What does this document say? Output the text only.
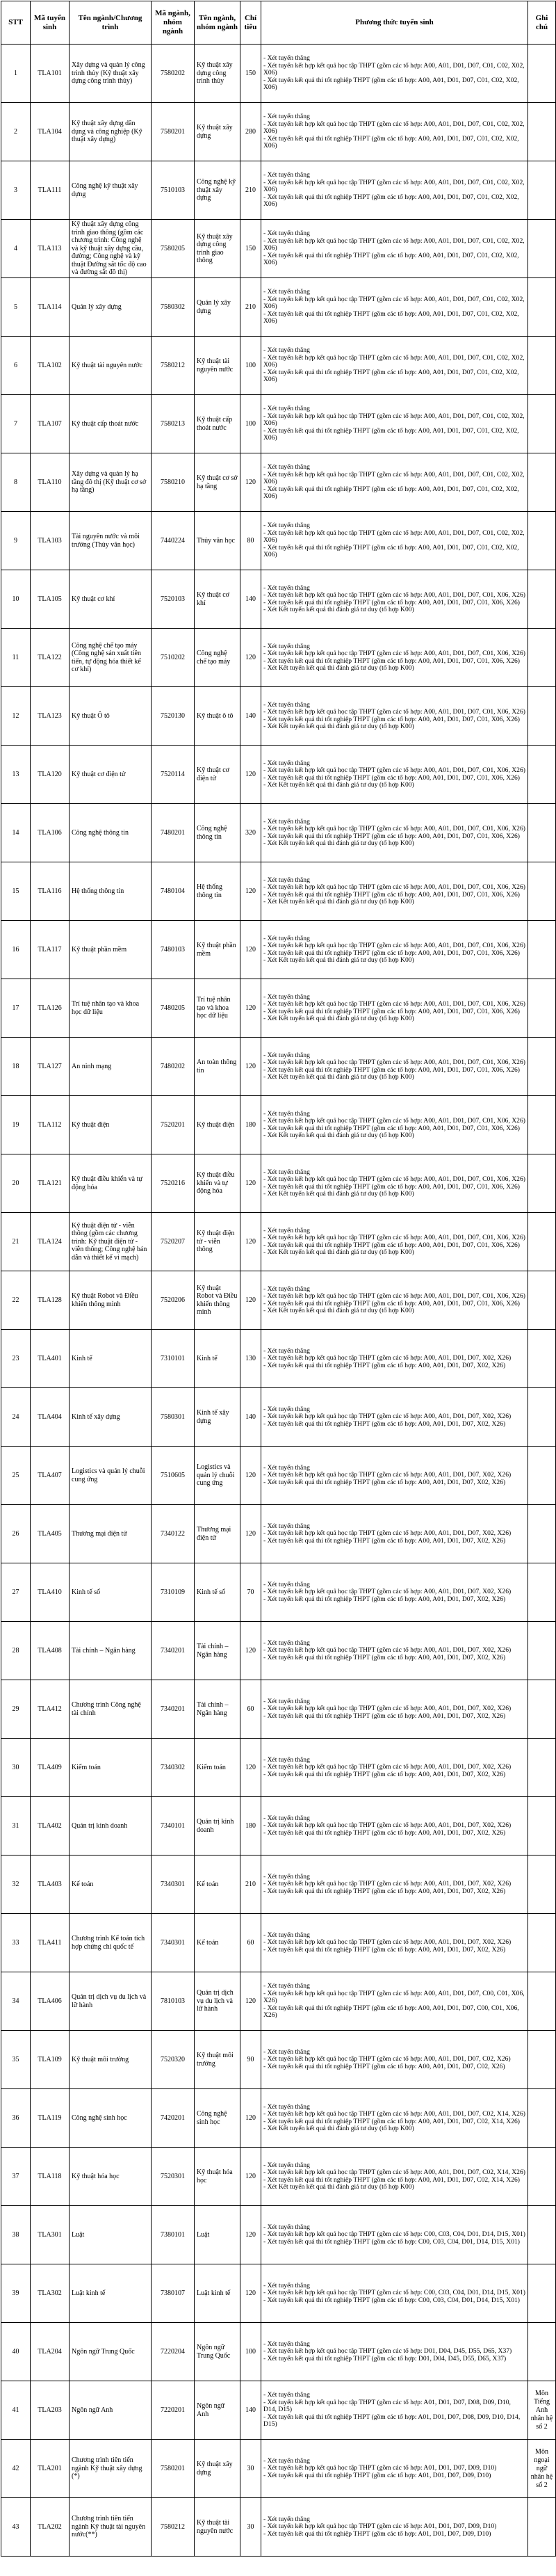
STT	Mã tuyển sinh	Tên ngành/Chương trình	Mã ngành, nhóm ngành	Tên ngành, nhóm ngành	Chỉ tiêu	Phương thức tuyển sinh	Ghi chú
1	TLA101	Xây dựng và quản lý công trình thủy (Kỹ thuật xây dựng công trình thủy)	7580202	Kỹ thuật xây dựng công trình thủy	150	- Xét tuyển thẳng
- Xét tuyển kết hợp kết quả học tập THPT (gồm các tổ hợp: A00, A01, D01, D07, C01, C02, X02, X06)
- Xét tuyển kết quả thi tốt nghiệp THPT (gồm các tổ hợp: A00, A01, D01, D07, C01, C02, X02, X06)	

2	TLA104	Kỹ thuật xây dựng dân dụng và công nghiệp (Kỹ thuật xây dựng)	7580201	Kỹ thuật xây dựng	280	- Xét tuyển thẳng
- Xét tuyển kết hợp kết quả học tập THPT (gồm các tổ hợp: A00, A01, D01, D07, C01, C02, X02, X06)
- Xét tuyển kết quả thi tốt nghiệp THPT (gồm các tổ hợp: A00, A01, D01, D07, C01, C02, X02, X06)	

3	TLA111	Công nghệ kỹ thuật xây dựng	7510103	Công nghệ kỹ thuật xây dựng	210	- Xét tuyển thẳng
- Xét tuyển kết hợp kết quả học tập THPT (gồm các tổ hợp: A00, A01, D01, D07, C01, C02, X02, X06)
- Xét tuyển kết quả thi tốt nghiệp THPT (gồm các tổ hợp: A00, A01, D01, D07, C01, C02, X02, X06)	

4	TLA113	Kỹ thuật xây dựng công trình giao thông (gồm các chương trình: Công nghệ và kỹ thuật xây dựng cầu, đường; Công nghệ và kỹ thuật Đường sắt tốc độ cao và đường sắt đô thị)	7580205	Kỹ thuật xây dựng công trình giao thông	150	- Xét tuyển thẳng
- Xét tuyển kết hợp kết quả học tập THPT (gồm các tổ hợp: A00, A01, D01, D07, C01, C02, X02, X06)
- Xét tuyển kết quả thi tốt nghiệp THPT (gồm các tổ hợp: A00, A01, D01, D07, C01, C02, X02, X06)	

5	TLA114	Quản lý xây dựng	7580302	Quản lý xây dựng	210	- Xét tuyển thẳng
- Xét tuyển kết hợp kết quả học tập THPT (gồm các tổ hợp: A00, A01, D01, D07, C01, C02, X02, X06)
- Xét tuyển kết quả thi tốt nghiệp THPT (gồm các tổ hợp: A00, A01, D01, D07, C01, C02, X02, X06)	

6	TLA102	Kỹ thuật tài nguyên nước	7580212	Kỹ thuật tài nguyên nước	100	- Xét tuyển thẳng
- Xét tuyển kết hợp kết quả học tập THPT (gồm các tổ hợp: A00, A01, D01, D07, C01, C02, X02, X06)
- Xét tuyển kết quả thi tốt nghiệp THPT (gồm các tổ hợp: A00, A01, D01, D07, C01, C02, X02, X06)	

7	TLA107	Kỹ thuật cấp thoát nước	7580213	Kỹ thuật cấp thoát nước	100	- Xét tuyển thẳng
- Xét tuyển kết hợp kết quả học tập THPT (gồm các tổ hợp: A00, A01, D01, D07, C01, C02, X02, X06)
- Xét tuyển kết quả thi tốt nghiệp THPT (gồm các tổ hợp: A00, A01, D01, D07, C01, C02, X02, X06)	

8	TLA110	Xây dựng và quản lý hạ tầng đô thị (Kỹ thuật cơ sở hạ tầng)	7580210	Kỹ thuật cơ sở hạ tầng	120	- Xét tuyển thẳng
- Xét tuyển kết hợp kết quả học tập THPT (gồm các tổ hợp: A00, A01, D01, D07, C01, C02, X02, X06)
- Xét tuyển kết quả thi tốt nghiệp THPT (gồm các tổ hợp: A00, A01, D01, D07, C01, C02, X02, X06)	

9	TLA103	Tài nguyên nước và môi trường (Thủy văn học)	7440224	Thủy văn học	80	- Xét tuyển thẳng
- Xét tuyển kết hợp kết quả học tập THPT (gồm các tổ hợp: A00, A01, D01, D07, C01, C02, X02, X06)
- Xét tuyển kết quả thi tốt nghiệp THPT (gồm các tổ hợp: A00, A01, D01, D07, C01, C02, X02, X06)	

10	TLA105	Kỹ thuật cơ khí	7520103	Kỹ thuật cơ khí	140	- Xét tuyển thẳng
- Xét tuyển kết hợp kết quả học tập THPT (gồm các tổ hợp: A00, A01, D01, D07, C01, X06, X26)
- Xét tuyển kết quả thi tốt nghiệp THPT (gồm các tổ hợp: A00, A01, D01, D07, C01, X06, X26)
- Xét Kết tuyển kết quả thi đánh giá tư duy (tổ hợp K00)	

11	TLA122	Công nghệ chế tạo máy (Công nghệ sản xuất tiên tiến, tự động hóa thiết kế cơ khí)	7510202	Công nghệ chế tạo máy	120	- Xét tuyển thẳng
- Xét tuyển kết hợp kết quả học tập THPT (gồm các tổ hợp: A00, A01, D01, D07, C01, X06, X26)
- Xét tuyển kết quả thi tốt nghiệp THPT (gồm các tổ hợp: A00, A01, D01, D07, C01, X06, X26)
- Xét Kết tuyển kết quả thi đánh giá tư duy (tổ hợp K00)	

12	TLA123	Kỹ thuật Ô tô	7520130	Kỹ thuật ô tô	140	- Xét tuyển thẳng
- Xét tuyển kết hợp kết quả học tập THPT (gồm các tổ hợp: A00, A01, D01, D07, C01, X06, X26)
- Xét tuyển kết quả thi tốt nghiệp THPT (gồm các tổ hợp: A00, A01, D01, D07, C01, X06, X26)
- Xét Kết tuyển kết quả thi đánh giá tư duy (tổ hợp K00)	

13	TLA120	Kỹ thuật cơ điện tử	7520114	Kỹ thuật cơ điện tử	120	- Xét tuyển thẳng
- Xét tuyển kết hợp kết quả học tập THPT (gồm các tổ hợp: A00, A01, D01, D07, C01, X06, X26)
- Xét tuyển kết quả thi tốt nghiệp THPT (gồm các tổ hợp: A00, A01, D01, D07, C01, X06, X26)
- Xét Kết tuyển kết quả thi đánh giá tư duy (tổ hợp K00)	

14	TLA106	Công nghệ thông tin	7480201	Công nghệ thông tin	320	- Xét tuyển thẳng
- Xét tuyển kết hợp kết quả học tập THPT (gồm các tổ hợp: A00, A01, D01, D07, C01, X06, X26)
- Xét tuyển kết quả thi tốt nghiệp THPT (gồm các tổ hợp: A00, A01, D01, D07, C01, X06, X26)
- Xét Kết tuyển kết quả thi đánh giá tư duy (tổ hợp K00)	

15	TLA116	Hệ thống thông tin	7480104	Hệ thống thông tin	120	- Xét tuyển thẳng
- Xét tuyển kết hợp kết quả học tập THPT (gồm các tổ hợp: A00, A01, D01, D07, C01, X06, X26)
- Xét tuyển kết quả thi tốt nghiệp THPT (gồm các tổ hợp: A00, A01, D01, D07, C01, X06, X26)
- Xét Kết tuyển kết quả thi đánh giá tư duy (tổ hợp K00)	

16	TLA117	Kỹ thuật phần mềm	7480103	Kỹ thuật phần mềm	120	- Xét tuyển thẳng
- Xét tuyển kết hợp kết quả học tập THPT (gồm các tổ hợp: A00, A01, D01, D07, C01, X06, X26)
- Xét tuyển kết quả thi tốt nghiệp THPT (gồm các tổ hợp: A00, A01, D01, D07, C01, X06, X26)
- Xét Kết tuyển kết quả thi đánh giá tư duy (tổ hợp K00)	

17	TLA126	Trí tuệ nhân tạo và khoa học dữ liệu	7480205	Trí tuệ nhân tạo và khoa học dữ liệu	120	- Xét tuyển thẳng
- Xét tuyển kết hợp kết quả học tập THPT (gồm các tổ hợp: A00, A01, D01, D07, C01, X06, X26)
- Xét tuyển kết quả thi tốt nghiệp THPT (gồm các tổ hợp: A00, A01, D01, D07, C01, X06, X26)
- Xét Kết tuyển kết quả thi đánh giá tư duy (tổ hợp K00)	

18	TLA127	An ninh mạng	7480202	An toàn thông tin	120	- Xét tuyển thẳng
- Xét tuyển kết hợp kết quả học tập THPT (gồm các tổ hợp: A00, A01, D01, D07, C01, X06, X26)
- Xét tuyển kết quả thi tốt nghiệp THPT (gồm các tổ hợp: A00, A01, D01, D07, C01, X06, X26)
- Xét Kết tuyển kết quả thi đánh giá tư duy (tổ hợp K00)	

19	TLA112	Kỹ thuật điện	7520201	Kỹ thuật điện	180	- Xét tuyển thẳng
- Xét tuyển kết hợp kết quả học tập THPT (gồm các tổ hợp: A00, A01, D01, D07, C01, X06, X26)
- Xét tuyển kết quả thi tốt nghiệp THPT (gồm các tổ hợp: A00, A01, D01, D07, C01, X06, X26)
- Xét Kết tuyển kết quả thi đánh giá tư duy (tổ hợp K00)	

20	TLA121	Kỹ thuật điều khiển và tự động hóa	7520216	Kỹ thuật điều khiển và tự động hóa	120	- Xét tuyển thẳng
- Xét tuyển kết hợp kết quả học tập THPT (gồm các tổ hợp: A00, A01, D01, D07, C01, X06, X26)
- Xét tuyển kết quả thi tốt nghiệp THPT (gồm các tổ hợp: A00, A01, D01, D07, C01, X06, X26)
- Xét Kết tuyển kết quả thi đánh giá tư duy (tổ hợp K00)	

21	TLA124	Kỹ thuật điện tử - viễn thông (gồm các chương trình: Kỹ thuật điện tử - viễn thông; Công nghệ bán dẫn và thiết kế vi mạch)	7520207	Kỹ thuật điện tử - viễn thông	120	- Xét tuyển thẳng
- Xét tuyển kết hợp kết quả học tập THPT (gồm các tổ hợp: A00, A01, D01, D07, C01, X06, X26)
- Xét tuyển kết quả thi tốt nghiệp THPT (gồm các tổ hợp: A00, A01, D01, D07, C01, X06, X26)
- Xét Kết tuyển kết quả thi đánh giá tư duy (tổ hợp K00)	

22	TLA128	Kỹ thuật Robot và Điều khiển thông minh	7520206	Kỹ thuật Robot và Điều khiển thông minh	120	- Xét tuyển thẳng
- Xét tuyển kết hợp kết quả học tập THPT (gồm các tổ hợp: A00, A01, D01, D07, C01, X06, X26)
- Xét tuyển kết quả thi tốt nghiệp THPT (gồm các tổ hợp: A00, A01, D01, D07, C01, X06, X26)
- Xét Kết tuyển kết quả thi đánh giá tư duy (tổ hợp K00)	

23	TLA401	Kinh tế	7310101	Kinh tế	130	- Xét tuyển thẳng
- Xét tuyển kết hợp kết quả học tập THPT (gồm các tổ hợp: A00, A01, D01, D07, X02, X26)
- Xét tuyển kết quả thi tốt nghiệp THPT (gồm các tổ hợp: A00, A01, D01, D07, X02, X26)	

24	TLA404	Kinh tế xây dựng	7580301	Kinh tế xây dựng	140	- Xét tuyển thẳng
- Xét tuyển kết hợp kết quả học tập THPT (gồm các tổ hợp: A00, A01, D01, D07, X02, X26)
- Xét tuyển kết quả thi tốt nghiệp THPT (gồm các tổ hợp: A00, A01, D01, D07, X02, X26)	

25	TLA407	Logistics và quản lý chuỗi cung ứng	7510605	Logistics và quản lý chuỗi cung ứng	120	- Xét tuyển thẳng
- Xét tuyển kết hợp kết quả học tập THPT (gồm các tổ hợp: A00, A01, D01, D07, X02, X26)
- Xét tuyển kết quả thi tốt nghiệp THPT (gồm các tổ hợp: A00, A01, D01, D07, X02, X26)	

26	TLA405	Thương mại điện tử	7340122	Thương mại điện tử	120	- Xét tuyển thẳng
- Xét tuyển kết hợp kết quả học tập THPT (gồm các tổ hợp: A00, A01, D01, D07, X02, X26)
- Xét tuyển kết quả thi tốt nghiệp THPT (gồm các tổ hợp: A00, A01, D01, D07, X02, X26)	

27	TLA410	Kinh tế số	7310109	Kinh tế số	70	- Xét tuyển thẳng
- Xét tuyển kết hợp kết quả học tập THPT (gồm các tổ hợp: A00, A01, D01, D07, X02, X26)
- Xét tuyển kết quả thi tốt nghiệp THPT (gồm các tổ hợp: A00, A01, D01, D07, X02, X26)	

28	TLA408	Tài chính – Ngân hàng	7340201	Tài chính – Ngân hàng	120	- Xét tuyển thẳng
- Xét tuyển kết hợp kết quả học tập THPT (gồm các tổ hợp: A00, A01, D01, D07, X02, X26)
- Xét tuyển kết quả thi tốt nghiệp THPT (gồm các tổ hợp: A00, A01, D01, D07, X02, X26)	

29	TLA412	Chương trình Công nghệ tài chính	7340201	Tài chính – Ngân hàng	60	- Xét tuyển thẳng
- Xét tuyển kết hợp kết quả học tập THPT (gồm các tổ hợp: A00, A01, D01, D07, X02, X26)
- Xét tuyển kết quả thi tốt nghiệp THPT (gồm các tổ hợp: A00, A01, D01, D07, X02, X26)	

30	TLA409	Kiểm toán	7340302	Kiểm toán	120	- Xét tuyển thẳng
- Xét tuyển kết hợp kết quả học tập THPT (gồm các tổ hợp: A00, A01, D01, D07, X02, X26)
- Xét tuyển kết quả thi tốt nghiệp THPT (gồm các tổ hợp: A00, A01, D01, D07, X02, X26)	

31	TLA402	Quản trị kinh doanh	7340101	Quản trị kinh doanh	180	- Xét tuyển thẳng
- Xét tuyển kết hợp kết quả học tập THPT (gồm các tổ hợp: A00, A01, D01, D07, X02, X26)
- Xét tuyển kết quả thi tốt nghiệp THPT (gồm các tổ hợp: A00, A01, D01, D07, X02, X26)	

32	TLA403	Kế toán	7340301	Kế toán	210	- Xét tuyển thẳng
- Xét tuyển kết hợp kết quả học tập THPT (gồm các tổ hợp: A00, A01, D01, D07, X02, X26)
- Xét tuyển kết quả thi tốt nghiệp THPT (gồm các tổ hợp: A00, A01, D01, D07, X02, X26)	

33	TLA411	Chương trình Kế toán tích hợp chứng chỉ quốc tế	7340301	Kế toán	60	- Xét tuyển thẳng
- Xét tuyển kết hợp kết quả học tập THPT (gồm các tổ hợp: A00, A01, D01, D07, X02, X26)
- Xét tuyển kết quả thi tốt nghiệp THPT (gồm các tổ hợp: A00, A01, D01, D07, X02, X26)	

34	TLA406	Quản trị dịch vụ du lịch và lữ hành	7810103	Quản trị dịch vụ du lịch và lữ hành	120	- Xét tuyển thẳng
- Xét tuyển kết hợp kết quả học tập THPT (gồm các tổ hợp: A00, A01, D01, D07, C00, C01, X06, X26)
- Xét tuyển kết quả thi tốt nghiệp THPT (gồm các tổ hợp: A00, A01, D01, D07, C00, C01, X06, X26)	

35	TLA109	Kỹ thuật môi trường	7520320	Kỹ thuật môi trường	90	- Xét tuyển thẳng
- Xét tuyển kết hợp kết quả học tập THPT (gồm các tổ hợp: A00, A01, D01, D07, C02, X26)
- Xét tuyển kết quả thi tốt nghiệp THPT (gồm các tổ hợp: A00, A01, D01, D07, C02, X26)	

36	TLA119	Công nghệ sinh học	7420201	Công nghệ sinh học	120	- Xét tuyển thẳng
- Xét tuyển kết hợp kết quả học tập THPT (gồm các tổ hợp: A00, A01, D01, D07, C02, X14, X26)
- Xét tuyển kết quả thi tốt nghiệp THPT (gồm các tổ hợp: A00, A01, D01, D07, C02, X14, X26)
- Xét Kết tuyển kết quả thi đánh giá tư duy (tổ hợp K00)	

37	TLA118	Kỹ thuật hóa học	7520301	Kỹ thuật hóa học	120	- Xét tuyển thẳng
- Xét tuyển kết hợp kết quả học tập THPT (gồm các tổ hợp: A00, A01, D01, D07, C02, X14, X26)
- Xét tuyển kết quả thi tốt nghiệp THPT (gồm các tổ hợp: A00, A01, D01, D07, C02, X14, X26)
- Xét Kết tuyển kết quả thi đánh giá tư duy (tổ hợp K00)	

38	TLA301	Luật	7380101	Luật	120	- Xét tuyển thẳng
- Xét tuyển kết hợp kết quả học tập THPT (gồm các tổ hợp: C00, C03, C04, D01, D14, D15, X01)
- Xét tuyển kết quả thi tốt nghiệp THPT (gồm các tổ hợp: C00, C03, C04, D01, D14, D15, X01)	

39	TLA302	Luật kinh tế	7380107	Luật kinh tế	120	- Xét tuyển thẳng
- Xét tuyển kết hợp kết quả học tập THPT (gồm các tổ hợp: C00, C03, C04, D01, D14, D15, X01)
- Xét tuyển kết quả thi tốt nghiệp THPT (gồm các tổ hợp: C00, C03, C04, D01, D14, D15, X01)	

40	TLA204	Ngôn ngữ Trung Quốc	7220204	Ngôn ngữ Trung Quốc	100	- Xét tuyển thẳng
- Xét tuyển kết hợp kết quả học tập THPT (gồm các tổ hợp: D01, D04, D45, D55, D65, X37)
- Xét tuyển kết quả thi tốt nghiệp THPT (gồm các tổ hợp: D01, D04, D45, D55, D65, X37)	

41	TLA203	Ngôn ngữ Anh	7220201	Ngôn ngữ Anh	140	- Xét tuyển thẳng
- Xét tuyển kết hợp kết quả học tập THPT (gồm các tổ hợp: A01, D01, D07, D08, D09, D10, D14, D15)
- Xét tuyển kết quả thi tốt nghiệp THPT (gồm các tổ hợp: A01, D01, D07, D08, D09, D10, D14, D15)	Môn Tiếng Anh nhân hệ số 2
42	TLA201	Chương trình tiên tiến ngành Kỹ thuật xây dựng (*)	7580201	Kỹ thuật xây dựng	30	- Xét tuyển thẳng
- Xét tuyển kết hợp kết quả học tập THPT (gồm các tổ hợp: A01, D01, D07, D09, D10)
- Xét tuyển kết quả thi tốt nghiệp THPT (gồm các tổ hợp: A01, D01, D07, D09, D10)	Môn ngoại ngữ nhân hệ số 2
43	TLA202	Chương trình tiên tiến ngành Kỹ thuật tài nguyên nước(**)	7580212	Kỹ thuật tài nguyên nước	30	- Xét tuyển thẳng
- Xét tuyển kết hợp kết quả học tập THPT (gồm các tổ hợp: A01, D01, D07, D09, D10)
- Xét tuyển kết quả thi tốt nghiệp THPT (gồm các tổ hợp: A01, D01, D07, D09, D10)	
